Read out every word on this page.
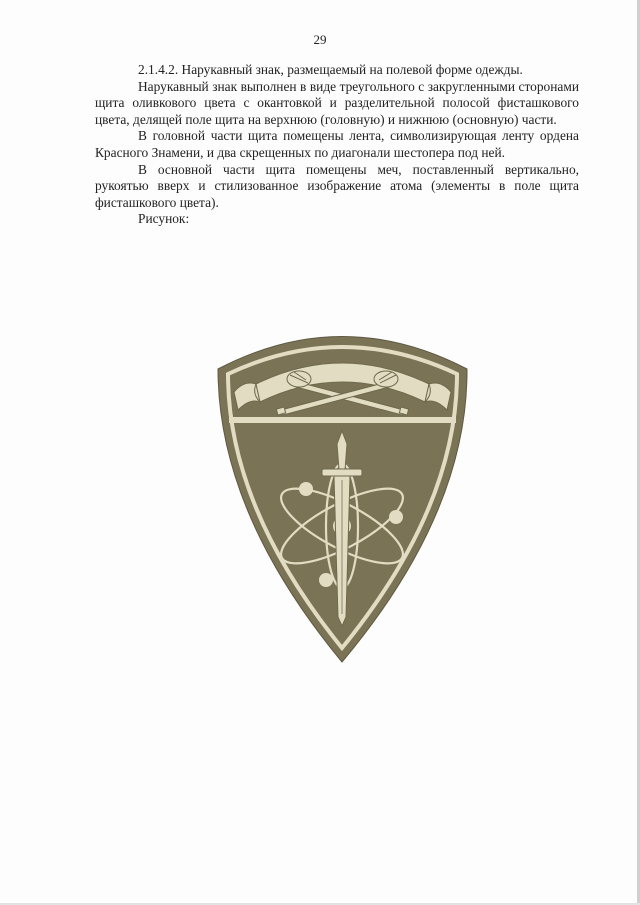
29

2.1.4.2. Нарукавный знак, размещаемый на полевой форме одежды.

Нарукавный знак выполнен в виде треугольного с закругленными сторонами щита оливкового цвета с окантовкой и разделительной полосой фисташкового цвета, делящей поле щита на верхнюю (головную) и нижнюю (основную) части.

В головной части щита помещены лента, символизирующая ленту ордена Красного Знамени, и два скрещенных по диагонали шестопера под ней.

В основной части щита помещены меч, поставленный вертикально, рукоятью вверх и стилизованное изображение атома (элементы в поле щита фисташкового цвета).

Рисунок:
